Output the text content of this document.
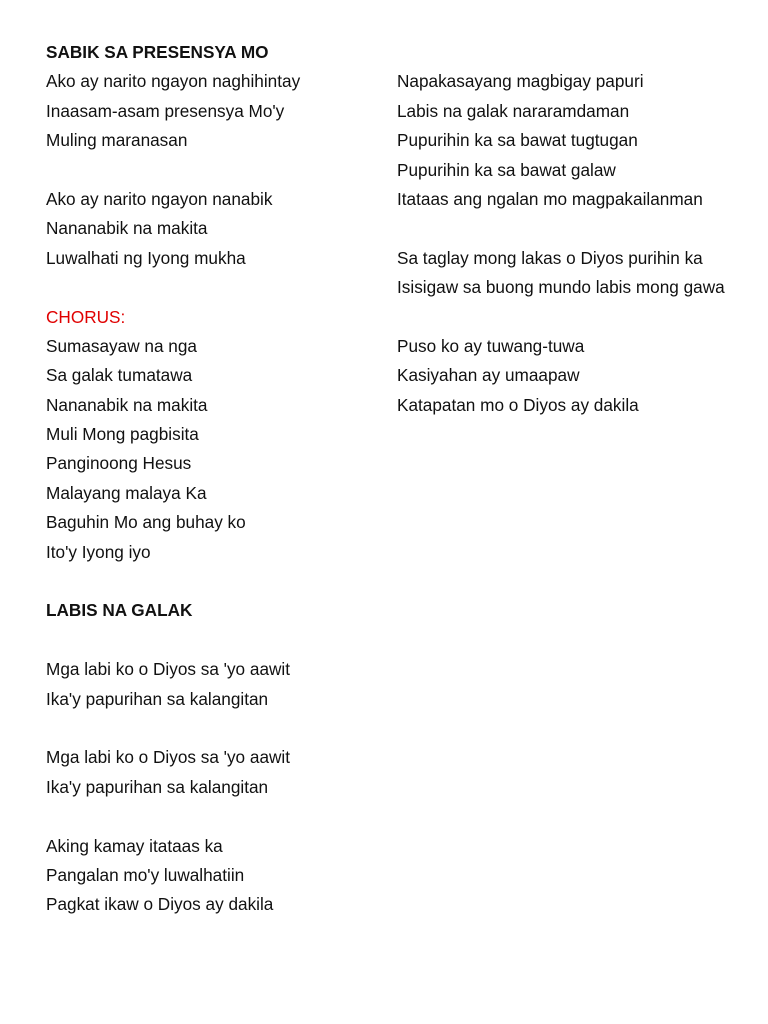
SABIK SA PRESENSYA MO
Ako ay narito ngayon naghihintay
Inaasam-asam presensya Mo'y
Muling maranasan
Ako ay narito ngayon nanabik
Nananabik na makita
Luwalhati ng Iyong mukha
CHORUS:
Sumasayaw na nga
Sa galak tumatawa
Nananabik na makita
Muli Mong pagbisita
Panginoong Hesus
Malayang malaya Ka
Baguhin Mo ang buhay ko
Ito'y Iyong iyo
LABIS NA GALAK
Mga labi ko o Diyos sa 'yo aawit
Ika'y papurihan sa kalangitan
Mga labi ko o Diyos sa 'yo aawit
Ika'y papurihan sa kalangitan
Aking kamay itataas ka
Pangalan mo'y luwalhatiin
Pagkat ikaw o Diyos ay dakila
Napakasayang magbigay papuri
Labis na galak nararamdaman
Pupurihin ka sa bawat tugtugan
Pupurihin ka sa bawat galaw
Itataas ang ngalan mo magpakailanman
Sa taglay mong lakas o Diyos purihin ka
Isisigaw sa buong mundo labis mong gawa
Puso ko ay tuwang-tuwa
Kasiyahan ay umaapaw
Katapatan mo o Diyos ay dakila
